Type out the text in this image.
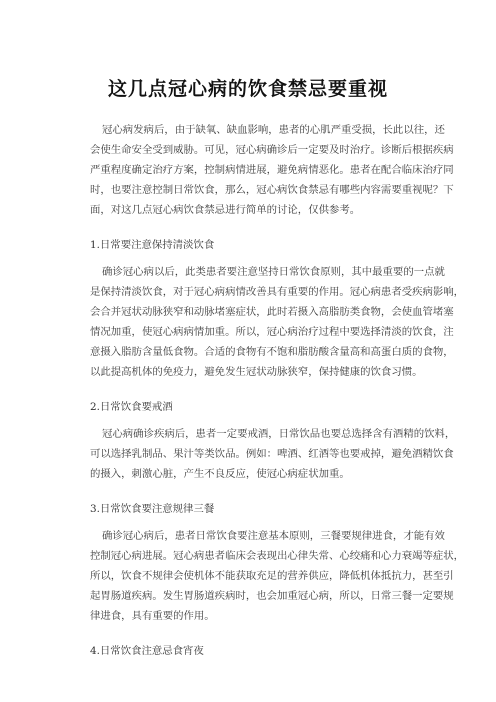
这几点冠心病的饮食禁忌要重视
冠心病发病后，由于缺氧、缺血影响，患者的心肌严重受损，长此以往，还
会使生命安全受到威胁。可见，冠心病确诊后一定要及时治疗。诊断后根据疾病
严重程度确定治疗方案，控制病情进展，避免病情恶化。患者在配合临床治疗同
时，也要注意控制日常饮食，那么，冠心病饮食禁忌有哪些内容需要重视呢？下
面，对这几点冠心病饮食禁忌进行简单的讨论，仅供参考。
1.日常要注意保持清淡饮食
确诊冠心病以后，此类患者要注意坚持日常饮食原则，其中最重要的一点就
是保持清淡饮食，对于冠心病病情改善具有重要的作用。冠心病患者受疾病影响，
会合并冠状动脉狭窄和动脉堵塞症状，此时若摄入高脂肪类食物，会使血管堵塞
情况加重，使冠心病病情加重。所以，冠心病治疗过程中要选择清淡的饮食，注
意摄入脂肪含量低食物。合适的食物有不饱和脂肪酸含量高和高蛋白质的食物，
以此提高机体的免疫力，避免发生冠状动脉狭窄，保持健康的饮食习惯。
2.日常饮食要戒酒
冠心病确诊疾病后，患者一定要戒酒，日常饮品也要总选择含有酒精的饮料，
可以选择乳制品、果汁等类饮品。例如：啤酒、红酒等也要戒掉，避免酒精饮食
的摄入，刺激心脏，产生不良反应，使冠心病症状加重。
3.日常饮食要注意规律三餐
确诊冠心病后，患者日常饮食要注意基本原则，三餐要规律进食，才能有效
控制冠心病进展。冠心病患者临床会表现出心律失常、心绞痛和心力衰竭等症状，
所以，饮食不规律会使机体不能获取充足的营养供应，降低机体抵抗力，甚至引
起胃肠道疾病。发生胃肠道疾病时，也会加重冠心病，所以，日常三餐一定要规
律进食，具有重要的作用。
4.日常饮食注意忌食宵夜
